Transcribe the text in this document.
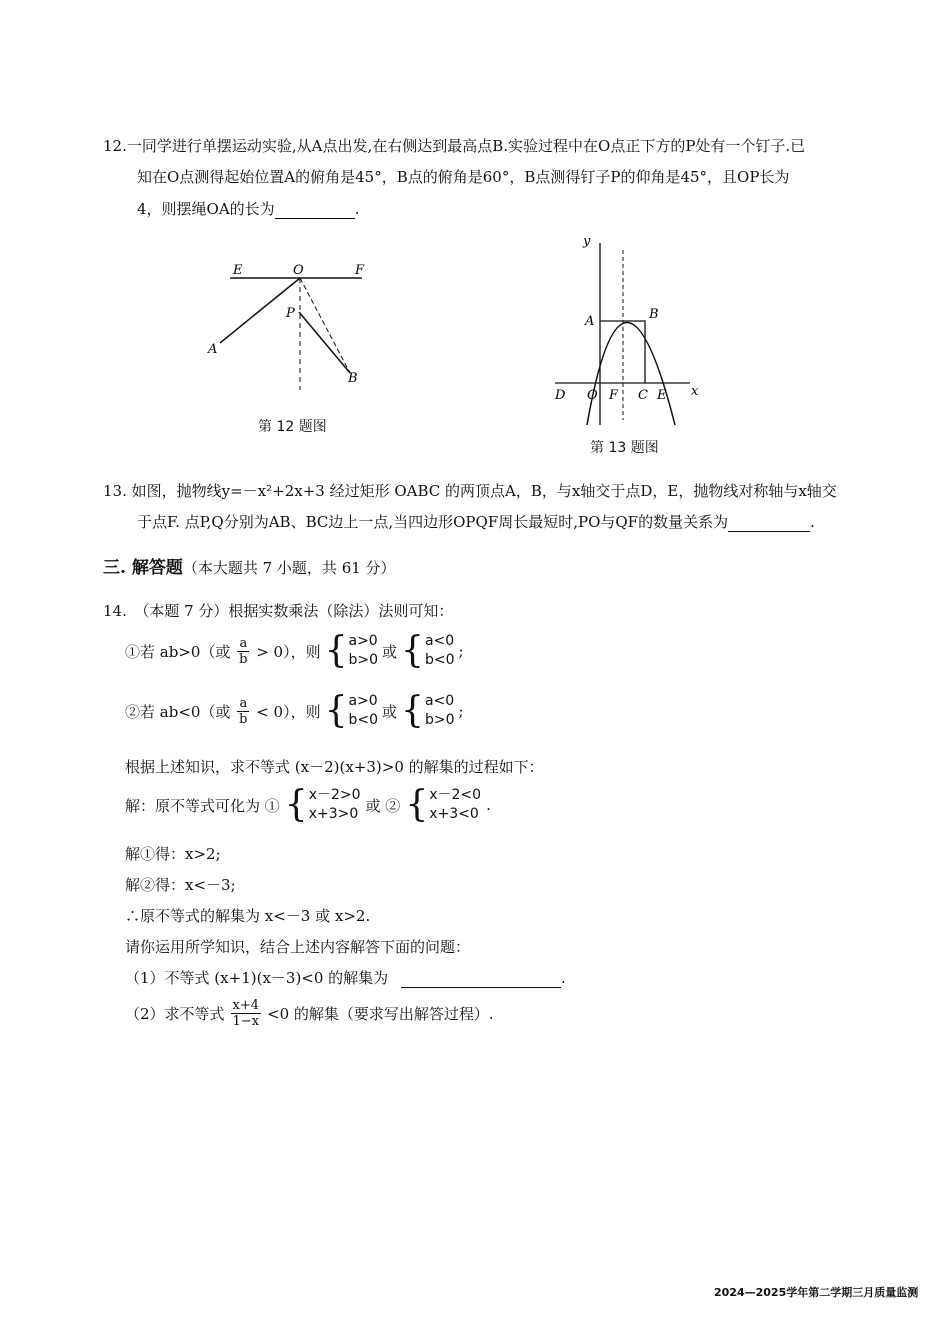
12.一同学进行单摆运动实验,从A点出发,在右侧达到最高点B.实验过程中在O点正下方的P处有一个钉子.已
知在O点测得起始位置A的俯角是45°，B点的俯角是60°，B点测得钉子P的仰角是45°，且OP长为
4，则摆绳OA的长为	.
E	O	F
P
A
B
第 12 题图
y
x
A	B
D O F C E
第 13 题图
13. 如图，抛物线y=－x²+2x+3 经过矩形 OABC 的两顶点A，B，与x轴交于点D，E，抛物线对称轴与x轴交
于点F. 点P,Q分别为AB、BC边上一点,当四边形OPQF周长最短时,PO与QF的数量关系为	.
三. 解答题（本大题共 7 小题，共 61 分）
14.　（本题 7 分）根据实数乘法（除法）法则可知：
①若 ab>0（或 $\frac{a}{b} > 0$），则 { a>0
b>0 或 { a<0
b<0 ;
②若 ab<0（或 $\frac{a}{b} < 0$），则 { a>0
b<0 或 { a<0
b>0 ;
根据上述知识，求不等式 (x－2)(x+3)>0 的解集的过程如下：
解：原不等式可化为 ① { x－2>0
x+3>0 或 ② { x－2<0
x+3<0 .
解①得：x>2;
解②得：x<－3;
∴原不等式的解集为 x<－3 或 x>2.
请你运用所学知识，结合上述内容解答下面的问题：
（1）不等式 (x+1)(x－3)<0 的解集为	.
（2）求不等式 $\frac{x+4}{1-x} <0$ 的解集（要求写出解答过程）.
2024—2025学年第二学期三月质量监测
